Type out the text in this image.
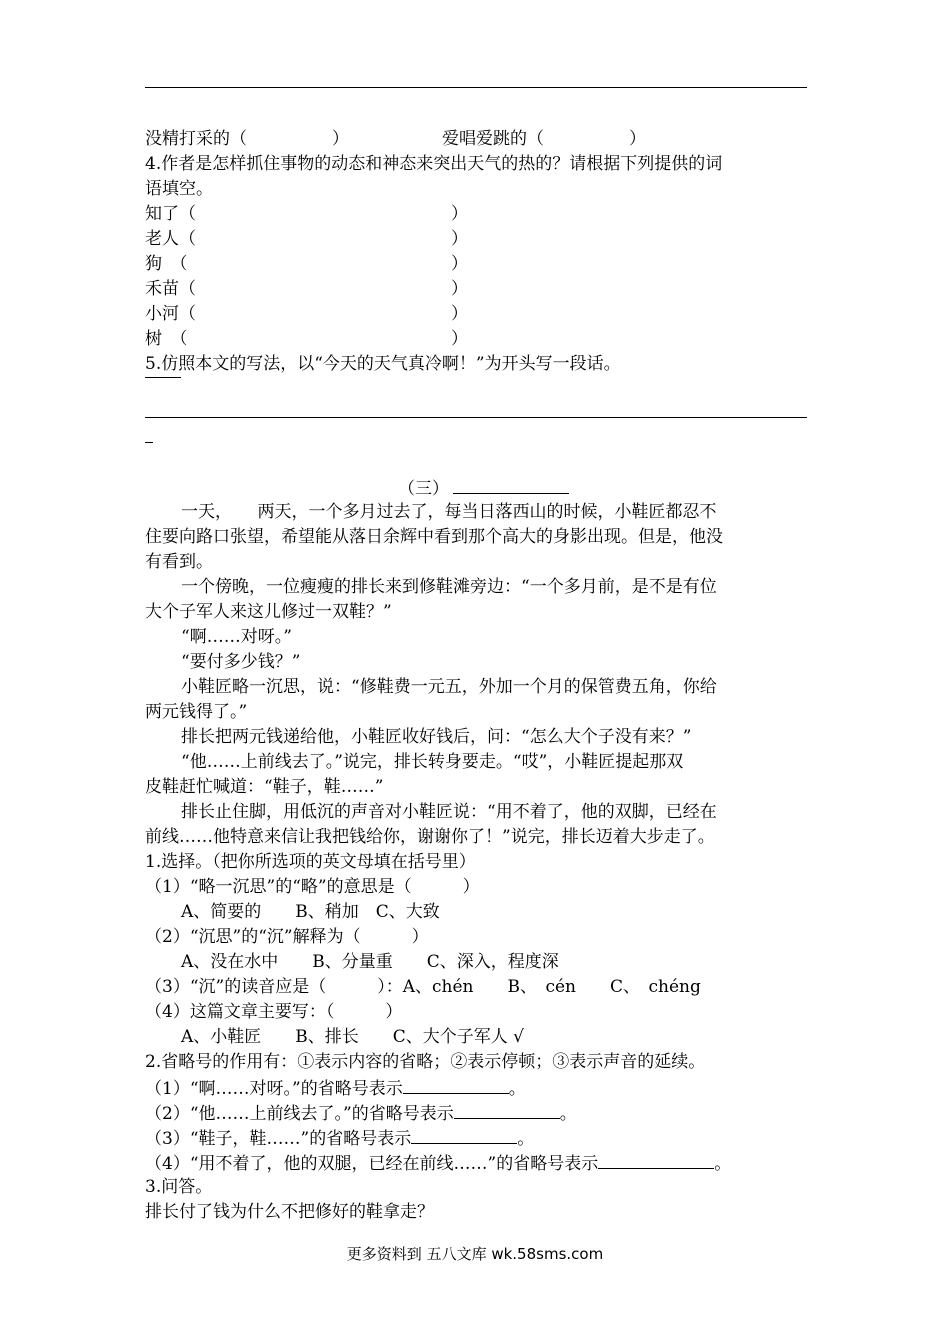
没精打采的（　　　　　）	爱唱爱跳的（　　　　　）
4.作者是怎样抓住事物的动态和神态来突出天气的热的？请根据下列提供的词
语填空。
知了（	）
老人（	）
狗　（	）
禾苗（	）
小河（	）
树　（	）
5.仿照本文的写法，以“今天的天气真冷啊！”为开头写一段话。
（三）
一天，　　两天，一个多月过去了，每当日落西山的时候，小鞋匠都忍不
住要向路口张望，希望能从落日余辉中看到那个高大的身影出现。但是，他没
有看到。
一个傍晚，一位瘦瘦的排长来到修鞋滩旁边：“一个多月前，是不是有位
大个子军人来这儿修过一双鞋？”
“啊……对呀。”
“要付多少钱？”
小鞋匠略一沉思，说：“修鞋费一元五，外加一个月的保管费五角，你给
两元钱得了。”
排长把两元钱递给他，小鞋匠收好钱后，问：“怎么大个子没有来？”
“他……上前线去了。”说完，排长转身要走。“哎”，小鞋匠提起那双
皮鞋赶忙喊道：“鞋子，鞋……”
排长止住脚，用低沉的声音对小鞋匠说：“用不着了，他的双脚，已经在
前线……他特意来信让我把钱给你，谢谢你了！”说完，排长迈着大步走了。
1.选择。（把你所选项的英文母填在括号里）
（1）“略一沉思”的“略”的意思是（　　　）
A、简要的　　B、稍加　C、大致
（2）“沉思”的“沉”解释为（　　　）
A、没在水中　　B、分量重　　C、深入，程度深
（3）“沉”的读音应是（　　　）：A、chén　　B、　cén　　C、　chéng
（4）这篇文章主要写：（　　　）
A、小鞋匠　　B、排长　　C、大个子军人 √
2.省略号的作用有：①表示内容的省略；②表示停顿；③表示声音的延续。
（1）“啊……对呀。”的省略号表示	。
（2）“他……上前线去了。”的省略号表示	。
（3）“鞋子，鞋……”的省略号表示	。
（4）“用不着了，他的双腿，已经在前线……”的省略号表示	。
3.问答。
排长付了钱为什么不把修好的鞋拿走？
更多资料到 五八文库 wk.58sms.com
